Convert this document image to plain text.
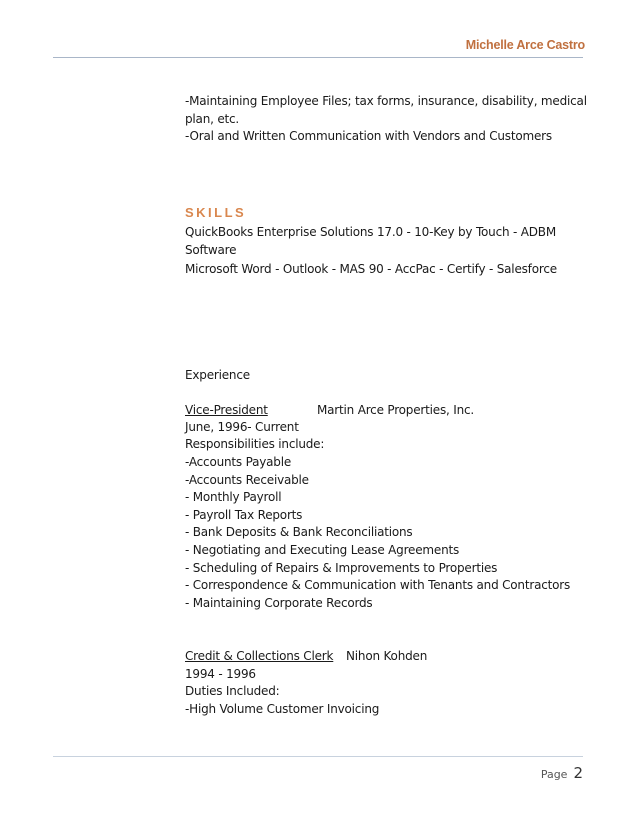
Michelle Arce Castro
-Maintaining Employee Files; tax forms, insurance, disability, medical
plan, etc.
-Oral and Written Communication with Vendors and Customers
SKILLS
QuickBooks Enterprise Solutions 17.0 - 10-Key by Touch - ADBM
Software
Microsoft Word - Outlook - MAS 90 - AccPac - Certify - Salesforce
Experience
Vice-President	Martin Arce Properties, Inc.
June, 1996- Current
Responsibilities include:
-Accounts Payable
-Accounts Receivable
- Monthly Payroll
- Payroll Tax Reports
- Bank Deposits & Bank Reconciliations
- Negotiating and Executing Lease Agreements
- Scheduling of Repairs & Improvements to Properties
- Correspondence & Communication with Tenants and Contractors
- Maintaining Corporate Records
Credit & Collections Clerk Nihon Kohden
1994 - 1996
Duties Included:
-High Volume Customer Invoicing
Page 2
